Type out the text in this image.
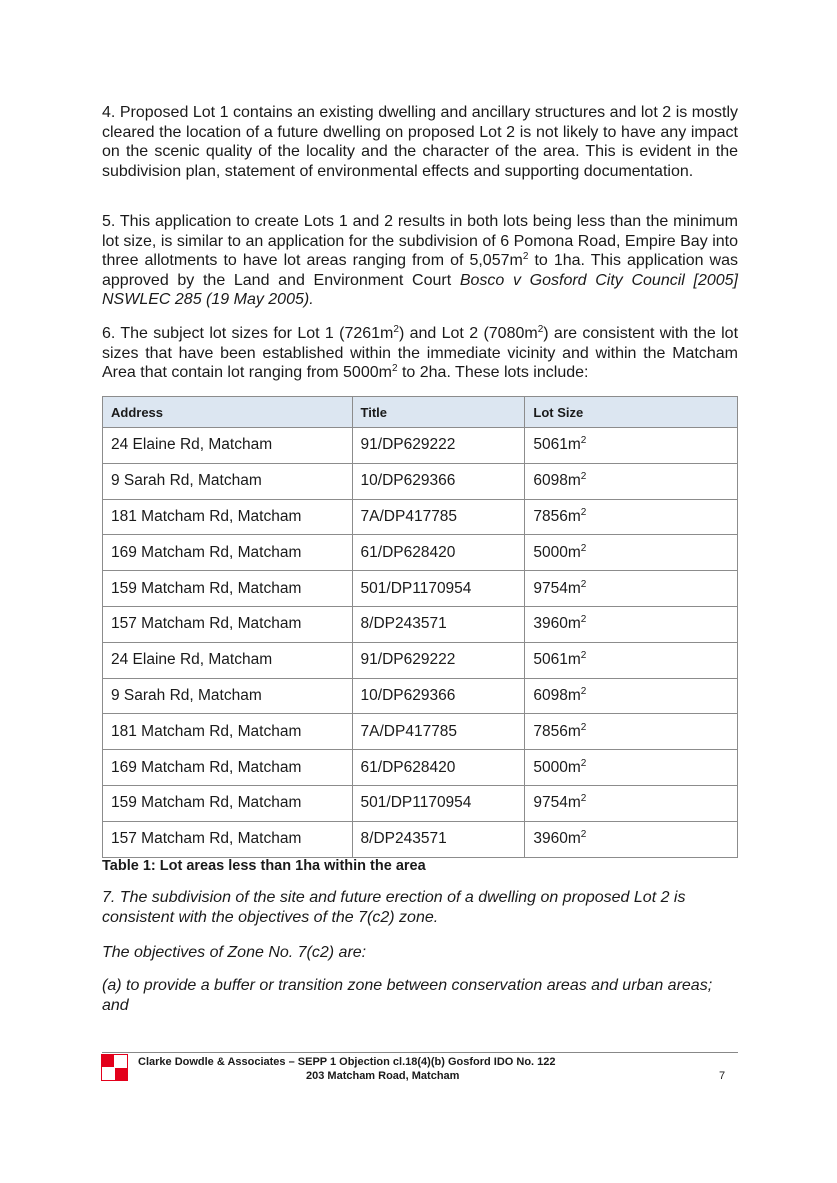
4. Proposed Lot 1 contains an existing dwelling and ancillary structures and lot 2 is mostly cleared the location of a future dwelling on proposed Lot 2 is not likely to have any impact on the scenic quality of the locality and the character of the area. This is evident in the subdivision plan, statement of environmental effects and supporting documentation.

5. This application to create Lots 1 and 2 results in both lots being less than the minimum lot size, is similar to an application for the subdivision of 6 Pomona Road, Empire Bay into three allotments to have lot areas ranging from of $5,057m^2$ to 1ha. This application was approved by the Land and Environment Court Bosco v Gosford City Council [2005] NSWLEC 285 (19 May 2005).

6. The subject lot sizes for Lot 1 $(7261m^2)$ and Lot 2 $(7080m^2)$ are consistent with the lot sizes that have been established within the immediate vicinity and within the Matcham Area that contain lot ranging from $5000m^2$ to 2ha. These lots include:

Address	Title	Lot Size
24 Elaine Rd, Matcham	91/DP629222	$5061m^2$
9 Sarah Rd, Matcham	10/DP629366	$6098m^2$
181 Matcham Rd, Matcham	7A/DP417785	$7856m^2$
169 Matcham Rd, Matcham	61/DP628420	$5000m^2$
159 Matcham Rd, Matcham	501/DP1170954	$9754m^2$
157 Matcham Rd, Matcham	8/DP243571	$3960m^2$
24 Elaine Rd, Matcham	91/DP629222	$5061m^2$
9 Sarah Rd, Matcham	10/DP629366	$6098m^2$
181 Matcham Rd, Matcham	7A/DP417785	$7856m^2$
169 Matcham Rd, Matcham	61/DP628420	$5000m^2$
159 Matcham Rd, Matcham	501/DP1170954	$9754m^2$
157 Matcham Rd, Matcham	8/DP243571	$3960m^2$
Table 1: Lot areas less than 1ha within the area

7. The subdivision of the site and future erection of a dwelling on proposed Lot 2 is consistent with the objectives of the 7(c2) zone.

The objectives of Zone No. 7(c2) are:

(a) to provide a buffer or transition zone between conservation areas and urban areas; and

Clarke Dowdle & Associates – SEPP 1 Objection cl.18(4)(b) Gosford IDO No. 122
203 Matcham Road, Matcham	7
